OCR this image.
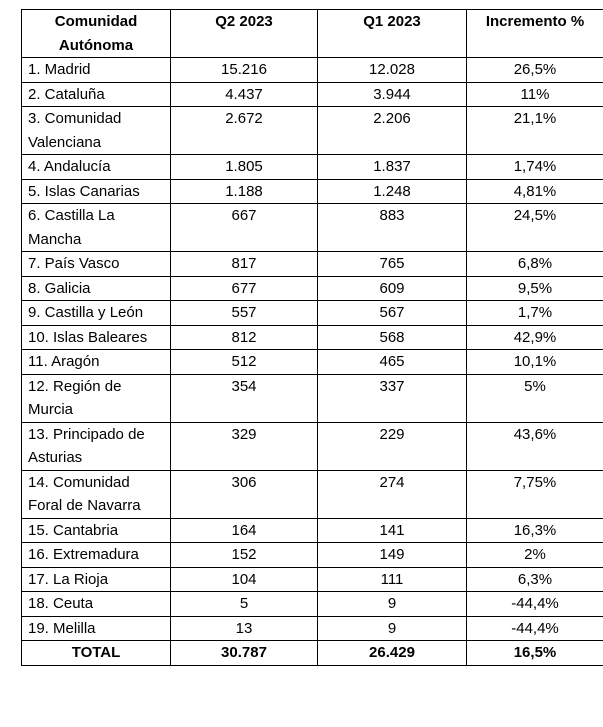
Comunidad Autónoma	Q2 2023	Q1 2023	Incremento %
1. Madrid	15.216	12.028	26,5%
2. Cataluña	4.437	3.944	11%
3. Comunidad Valenciana	2.672	2.206	21,1%
4. Andalucía	1.805	1.837	1,74%
5. Islas Canarias	1.188	1.248	4,81%
6. Castilla La Mancha	667	883	24,5%
7. País Vasco	817	765	6,8%
8. Galicia	677	609	9,5%
9. Castilla y León	557	567	1,7%
10. Islas Baleares	812	568	42,9%
11. Aragón	512	465	10,1%
12. Región de Murcia	354	337	5%
13. Principado de Asturias	329	229	43,6%
14. Comunidad Foral de Navarra	306	274	7,75%
15. Cantabria	164	141	16,3%
16. Extremadura	152	149	2%
17. La Rioja	104	111	6,3%
18. Ceuta	5	9	-44,4%
19. Melilla	13	9	-44,4%
TOTAL	30.787	26.429	16,5%
